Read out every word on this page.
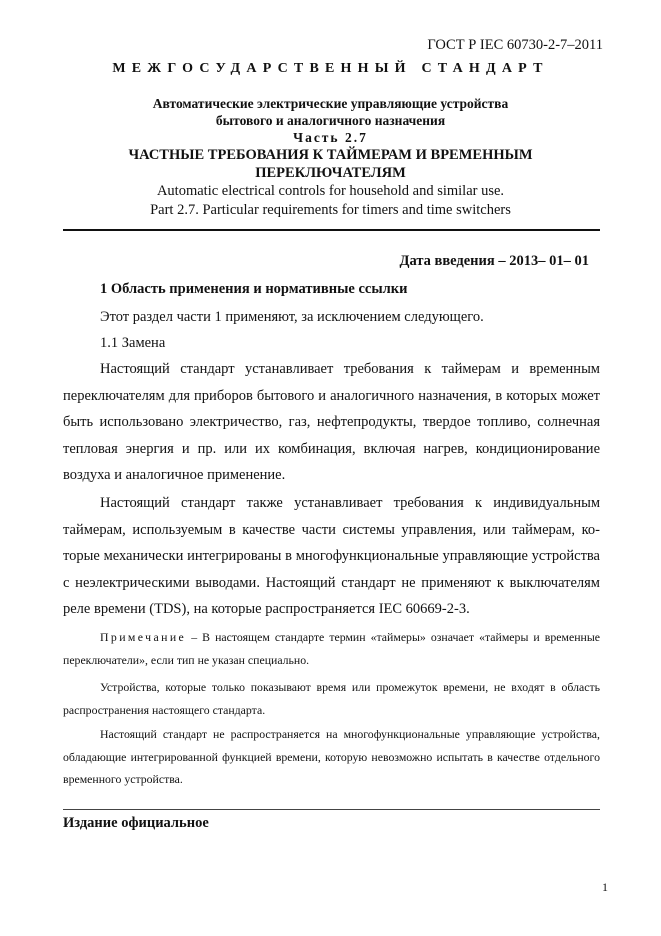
ГОСТ Р IEC 60730-2-7–2011
МЕЖГОСУДАРСТВЕННЫЙ СТАНДАРТ
Автоматические электрические управляющие устройства
бытового и аналогичного назначения
Часть 2.7
ЧАСТНЫЕ ТРЕБОВАНИЯ К ТАЙМЕРАМ И ВРЕМЕННЫМ
ПЕРЕКЛЮЧАТЕЛЯМ
Automatic electrical controls for household and similar use.
Part 2.7. Particular requirements for timers and time switchers
Дата введения – 2013– 01– 01
1 Область применения и нормативные ссылки
Этот раздел части 1 применяют, за исключением следующего.
1.1 Замена
Настоящий стандарт устанавливает требования к таймерам и временным переключателям для приборов бытового и аналогичного назначения, в которых может быть использовано электричество, газ, нефтепродукты, твердое топливо, солнечная тепловая энергия и пр. или их комбинация, включая нагрев, кондиционирование воздуха и аналогичное применение.
Настоящий стандарт также устанавливает требования к индивидуальным таймерам, используемым в качестве части системы управления, или таймерам, которые механически интегрированы в многофункциональные управляющие устройства с неэлектрическими выводами. Настоящий стандарт не применяют к выключателям реле времени (TDS), на которые распространяется IEC 60669-2-3.
Примечание – В настоящем стандарте термин «таймеры» означает «таймеры и временные переключатели», если тип не указан специально.
Устройства, которые только показывают время или промежуток времени, не входят в область распространения настоящего стандарта.
Настоящий стандарт не распространяется на многофункциональные управляющие устройства, обладающие интегрированной функцией времени, которую невозможно испытать в качестве отдельного временного устройства.
Издание официальное
1
